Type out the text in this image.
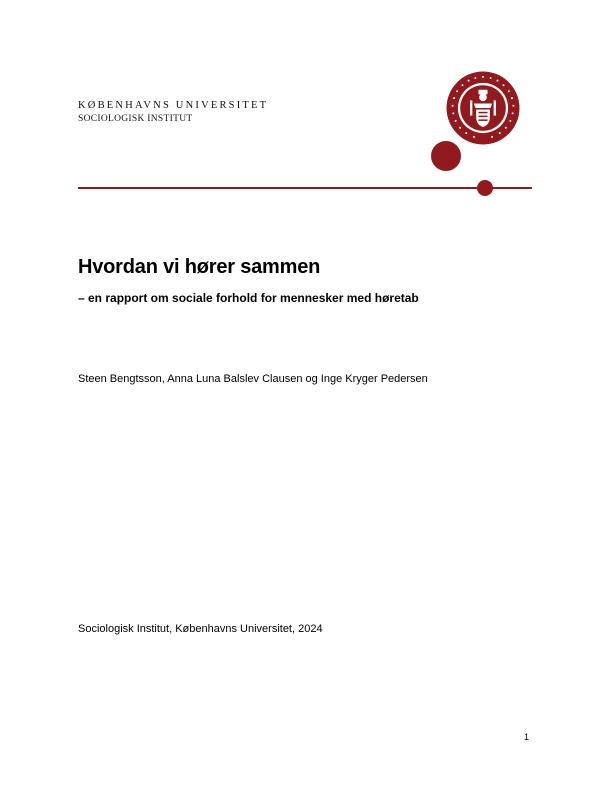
KØBENHAVNS UNIVERSITET
SOCIOLOGISK INSTITUT
Hvordan vi hører sammen
– en rapport om sociale forhold for mennesker med høretab
Steen Bengtsson, Anna Luna Balslev Clausen og Inge Kryger Pedersen
Sociologisk Institut, Københavns Universitet, 2024
1
